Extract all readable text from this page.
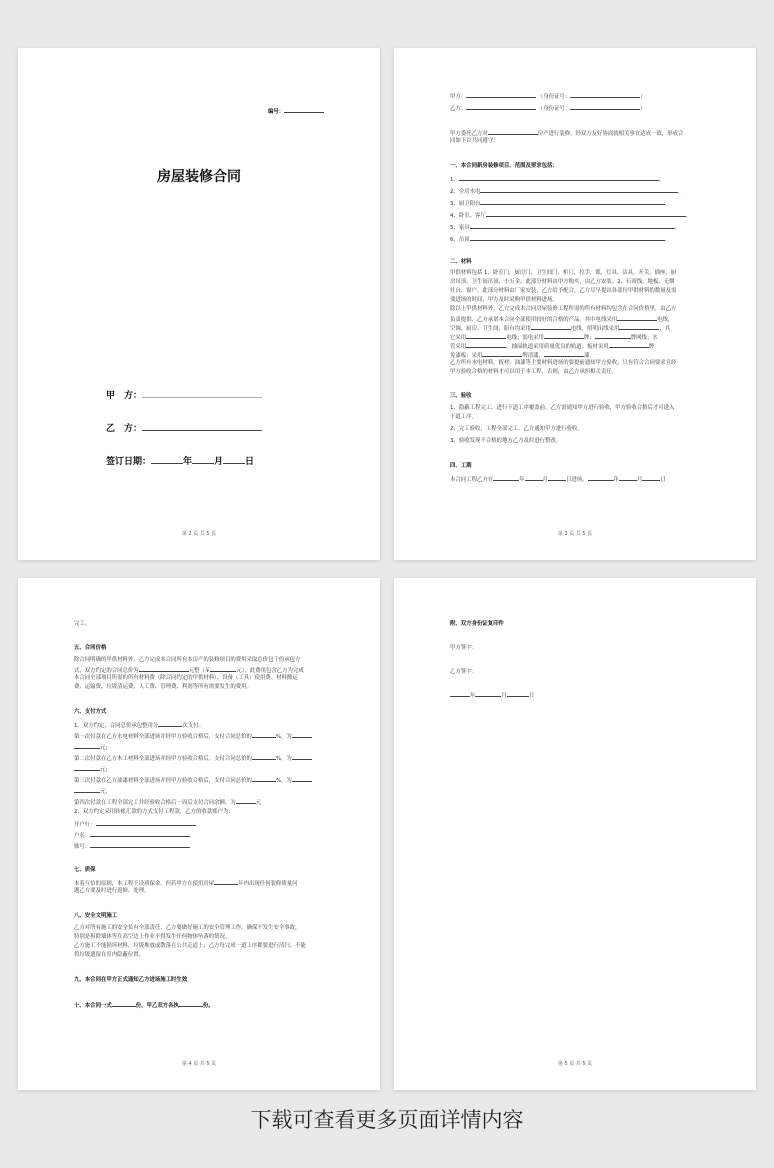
编号：
房屋装修合同
甲　方：
乙　方：
签订日期：	年 月 日
第 2 页 共 5 页
甲方：	（身份证号：	）
乙方：	（身份证号：	）
甲方委托乙方对	房产进行装修，经双方友好协商就相关事宜达成一致，形成合
同如下以共同遵守：
一、本合同新房装修项目、范围及要求包括：
1、	。
2、全房水电	。
3、厨卫阳台	。
4、卧室、客厅	。
5、家具	。
6、吊顶	。
二、材料
甲供材料包括 1、卧室门，厨房门，卫生间门，柜门，拉手，锁，灯具，洁具，开关，插座，厨
房吊顶，卫生间吊顶、小五金。此部分材料由甲方购买，由乙方安装。2、石膏线、地板、无烟
灶台、窗户。此部分材料由厂家安装，乙方给予配合。乙方尽早提出各部位甲供材料的数量及需
要进场的时间，甲方及时采购甲供材料进场。
除以上甲供材料外，乙方完成本合同房屋装修工程所需的所有材料均包含在合同价格里，由乙方
负责提供，乙方承诺本合同全部使用较好的合格的产品。其中电线采用	电线，
空调、厨房、卫生间、阳台均采用	电线，照明出线采用	，其
它采用	电线；弱电采用	牌；	牌网线；水
管采用	，抽屎轨道采用质量优良的轨道；板材采用	牌
免漆板：采用	牌清漆，	漆。
乙方所有水电材料、板材、油漆等主要材料进场的要提前通知甲方验收，只有符合合同要求且经
甲方验收合格的材料才可以用于本工程，否则，由乙方承担相关责任。
三、验收
1、隐蔽工程完工，进行下道工序覆盖前，乙方需通知甲方进行验收，甲方验收合格后才可进入
下道工序。
2、完工验收，工程全部完工，乙方通知甲方进行验收。
3、验收发现不合格的地方乙方及时进行整改。
四、工期
本合同工程乙方在	年	月	日进场，	年	月	日
第 3 页 共 5 页
完工。
五、合同价格
除合同明确的甲供材料外，乙方完成本合同所有本房产的装修项目的费用采取总价包干的承包方
式，双方约定的合同总价为	元整（￥	元），此费用包含乙方为完成
本合同全部项目所需的所有材料费（除合同约定的甲供材料）、设备（工具）使用费、材料搬运
费、运输费、垃圾清运费、人工费、管理费、利润等所有需要发生的费用。
六、支付方式
1、双方约定，合同总价承包整用分	次支付。
第一次付款在乙方水电材料全部进场并经甲方验收合格后，支付合同总价的	%，为
元；
第二次付款在乙方木工材料全部进场并经甲方验收合格后，支付合同总价的	%，为
元；
第三次付款在乙方油漆材料全部进场并经甲方验收合格后，支付合同总价的	%，为
元；
第四次付款在工程全部完工并经验收合格后一周后支付合同余额，为	元
2、双方约定采用转帐汇款的方式支付工程款，乙方的收款账户为：
开户行：
户名：
账号：
七、质保
本着互信的原则，本工程不设质保金。但若甲方在使用房屋	年内出现任何装修质量问
题乙方要及时进行返修、处理。
八、安全文明施工
乙方对所有施工的安全负有全部责任，乙方要做好施工的安全管理工作，确保不发生安全事故，
特别是拆除墙体等在高空边上作业不得发生任何物体坠落的情况。
乙方施工不能损坏材料，垃圾堆放或散落在公共走道上；乙方每完成一道工序都要进行清扫，不能
将垃圾遗留在室内隐蔽位置。
九、本合同在甲方正式通知乙方进场施工时生效
十、本合同一式	份，甲乙双方各执	份。
第 4 页 共 5 页
附、双方身份证复印件
甲方签字：
乙方签字：
年	月	日
第 5 页 共 5 页
下载可查看更多页面详情内容
